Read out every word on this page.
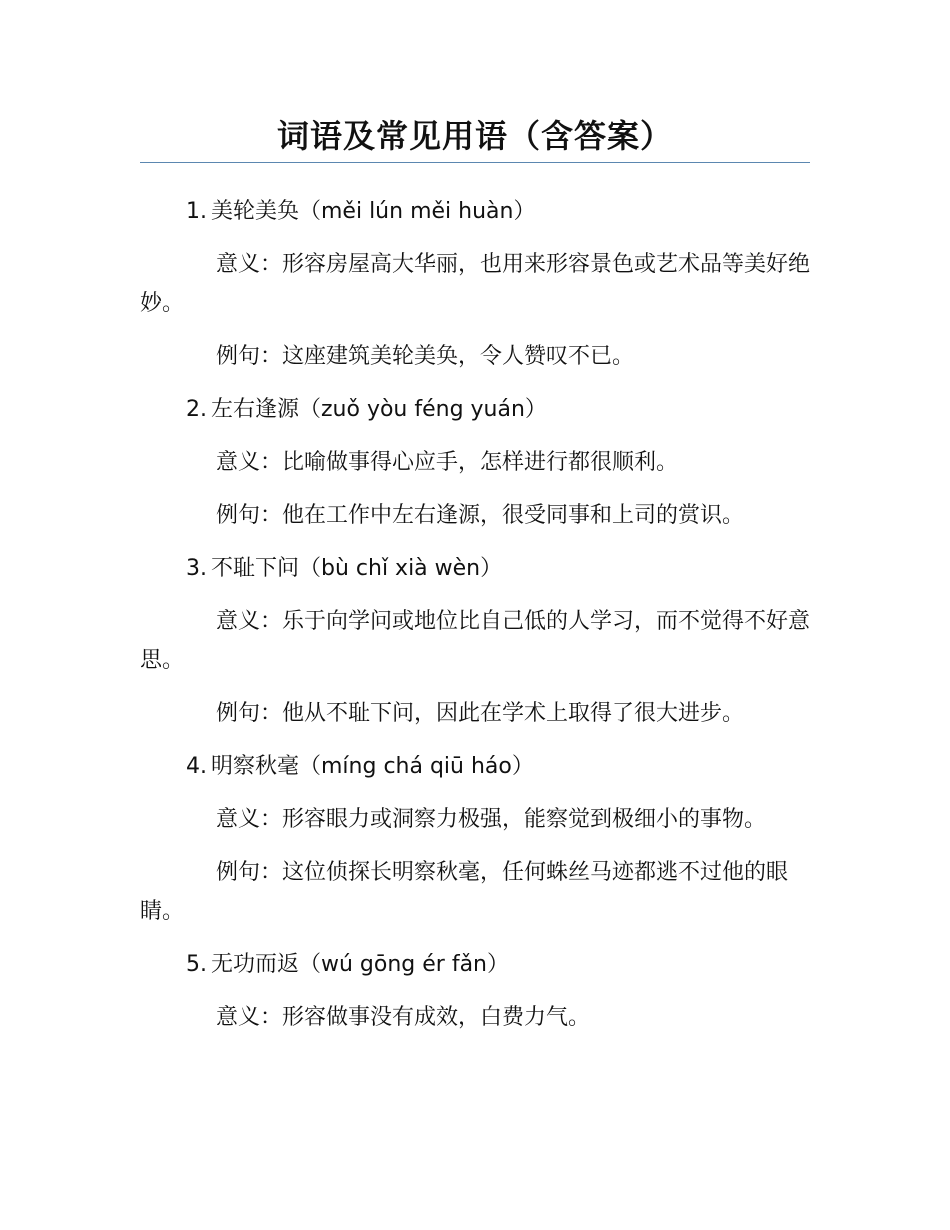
词语及常见用语（含答案）

1. 美轮美奂（měi lún měi huàn）

意义：形容房屋高大华丽，也用来形容景色或艺术品等美好绝妙。

例句：这座建筑美轮美奂，令人赞叹不已。

2. 左右逢源（zuǒ yòu féng yuán）

意义：比喻做事得心应手，怎样进行都很顺利。

例句：他在工作中左右逢源，很受同事和上司的赏识。

3. 不耻下问（bù chǐ xià wèn）

意义：乐于向学问或地位比自己低的人学习，而不觉得不好意思。

例句：他从不耻下问，因此在学术上取得了很大进步。

4. 明察秋毫（míng chá qiū háo）

意义：形容眼力或洞察力极强，能察觉到极细小的事物。

例句：这位侦探长明察秋毫，任何蛛丝马迹都逃不过他的眼睛。

5. 无功而返（wú gōng ér fǎn）

意义：形容做事没有成效，白费力气。
